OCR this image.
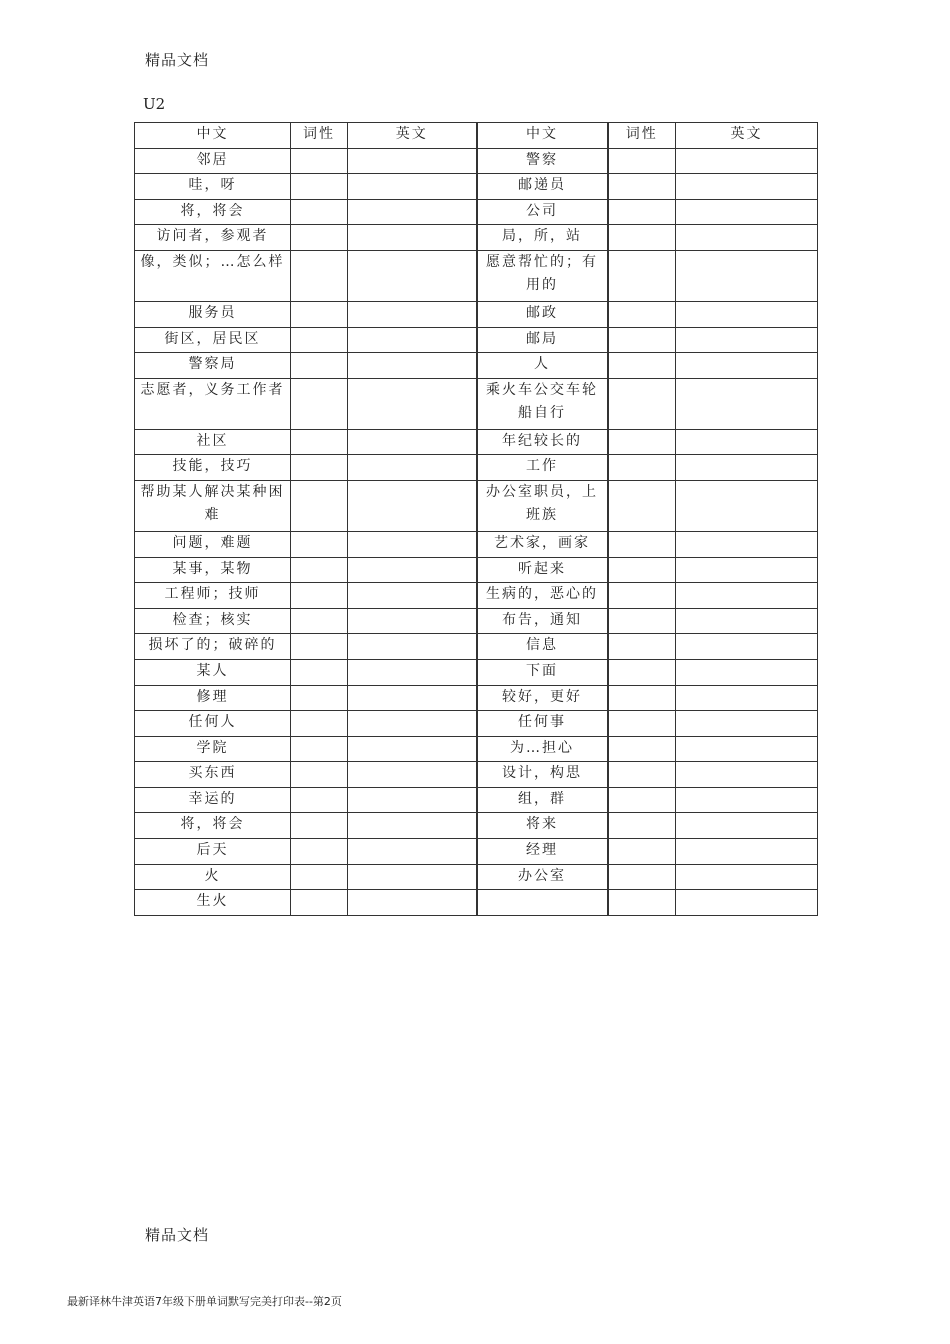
精品文档
U2
中文	词性	英文	中文	词性	英文
邻居			警察		
哇，呀			邮递员		
将，将会			公司		
访问者，参观者			局，所，站		
像，类似；…怎么样			愿意帮忙的；有用的		
服务员			邮政		
街区，居民区			邮局		
警察局			人		
志愿者，义务工作者			乘火车公交车轮船自行		
社区			年纪较长的		
技能，技巧			工作		
帮助某人解决某种困难			办公室职员，上班族		
问题，难题			艺术家，画家		
某事，某物			听起来		
工程师；技师			生病的，恶心的		
检查；核实			布告，通知		
损坏了的；破碎的			信息		
某人			下面		
修理			较好，更好		
任何人			任何事		
学院			为…担心		
买东西			设计，构思		
幸运的			组，群		
将，将会			将来		
后天			经理		
火			办公室		
生火					
精品文档
最新译林牛津英语7年级下册单词默写完美打印表--第2页
